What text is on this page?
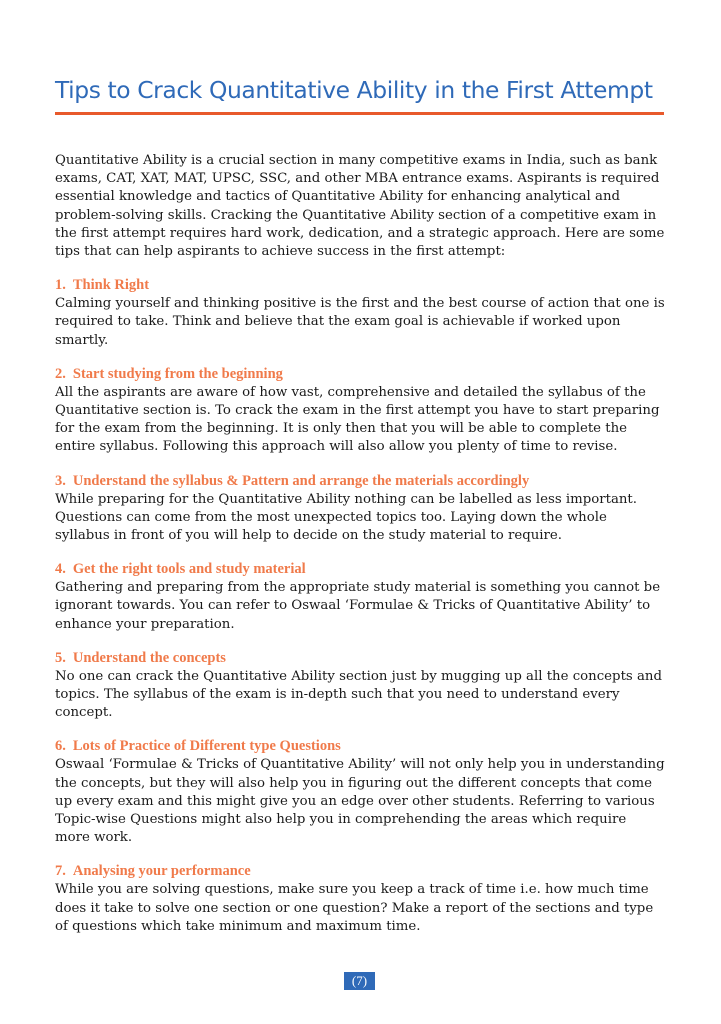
Tips to Crack Quantitative Ability in the First Attempt

Quantitative Ability is a crucial section in many competitive exams in India, such as bank exams, CAT, XAT, MAT, UPSC, SSC, and other MBA entrance exams. Aspirants is required essential knowledge and tactics of Quantitative Ability for enhancing analytical and problem-solving skills. Cracking the Quantitative Ability section of a competitive exam in the first attempt requires hard work, dedication, and a strategic approach. Here are some tips that can help aspirants to achieve success in the first attempt:

1. Think Right

Calming yourself and thinking positive is the first and the best course of action that one is required to take. Think and believe that the exam goal is achievable if worked upon smartly.

2. Start studying from the beginning

All the aspirants are aware of how vast, comprehensive and detailed the syllabus of the Quantitative section is. To crack the exam in the first attempt you have to start preparing for the exam from the beginning. It is only then that you will be able to complete the entire syllabus. Following this approach will also allow you plenty of time to revise.

3. Understand the syllabus & Pattern and arrange the materials accordingly

While preparing for the Quantitative Ability nothing can be labelled as less important. Questions can come from the most unexpected topics too. Laying down the whole syllabus in front of you will help to decide on the study material to require.

4. Get the right tools and study material

Gathering and preparing from the appropriate study material is something you cannot be ignorant towards. You can refer to Oswaal ‘Formulae & Tricks of Quantitative Ability’ to enhance your preparation.

5. Understand the concepts

No one can crack the Quantitative Ability section just by mugging up all the concepts and topics. The syllabus of the exam is in-depth such that you need to understand every concept.

6. Lots of Practice of Different type Questions

Oswaal ‘Formulae & Tricks of Quantitative Ability’ will not only help you in understanding the concepts, but they will also help you in figuring out the different concepts that come up every exam and this might give you an edge over other students. Referring to various Topic-wise Questions might also help you in comprehending the areas which require more work.

7. Analysing your performance

While you are solving questions, make sure you keep a track of time i.e. how much time does it take to solve one section or one question? Make a report of the sections and type of questions which take minimum and maximum time.

(7)
